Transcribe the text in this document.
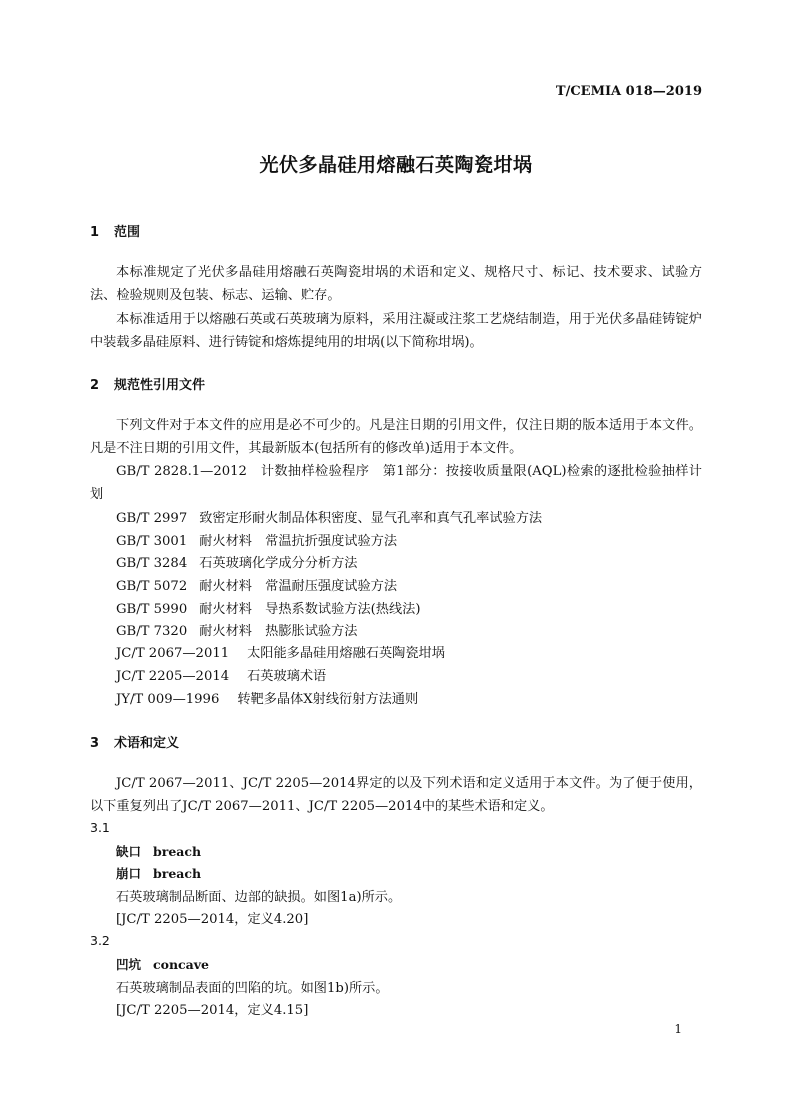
T/CEMIA 018—2019
光伏多晶硅用熔融石英陶瓷坩埚
1 范围
本标准规定了光伏多晶硅用熔融石英陶瓷坩埚的术语和定义、规格尺寸、标记、技术要求、试验方法、检验规则及包装、标志、运输、贮存。
本标准适用于以熔融石英或石英玻璃为原料，采用注凝或注浆工艺烧结制造，用于光伏多晶硅铸锭炉中装载多晶硅原料、进行铸锭和熔炼提纯用的坩埚(以下简称坩埚)。
2 规范性引用文件
下列文件对于本文件的应用是必不可少的。凡是注日期的引用文件，仅注日期的版本适用于本文件。凡是不注日期的引用文件，其最新版本(包括所有的修改单)适用于本文件。
GB/T 2828.1—2012　计数抽样检验程序　第1部分：按接收质量限(AQL)检索的逐批检验抽样计划
GB/T 2997 致密定形耐火制品体积密度、显气孔率和真气孔率试验方法
GB/T 3001 耐火材料　常温抗折强度试验方法
GB/T 3284 石英玻璃化学成分分析方法
GB/T 5072 耐火材料　常温耐压强度试验方法
GB/T 5990 耐火材料　导热系数试验方法(热线法)
GB/T 7320 耐火材料　热膨胀试验方法
JC/T 2067—2011 太阳能多晶硅用熔融石英陶瓷坩埚
JC/T 2205—2014 石英玻璃术语
JY/T 009—1996 转靶多晶体X射线衍射方法通则
3 术语和定义
JC/T 2067—2011、JC/T 2205—2014界定的以及下列术语和定义适用于本文件。为了便于使用，以下重复列出了JC/T 2067—2011、JC/T 2205—2014中的某些术语和定义。
3.1
缺口 breach
崩口 breach
石英玻璃制品断面、边部的缺损。如图1a)所示。
[JC/T 2205—2014，定义4.20]
3.2
凹坑 concave
石英玻璃制品表面的凹陷的坑。如图1b)所示。
[JC/T 2205—2014，定义4.15]
1
